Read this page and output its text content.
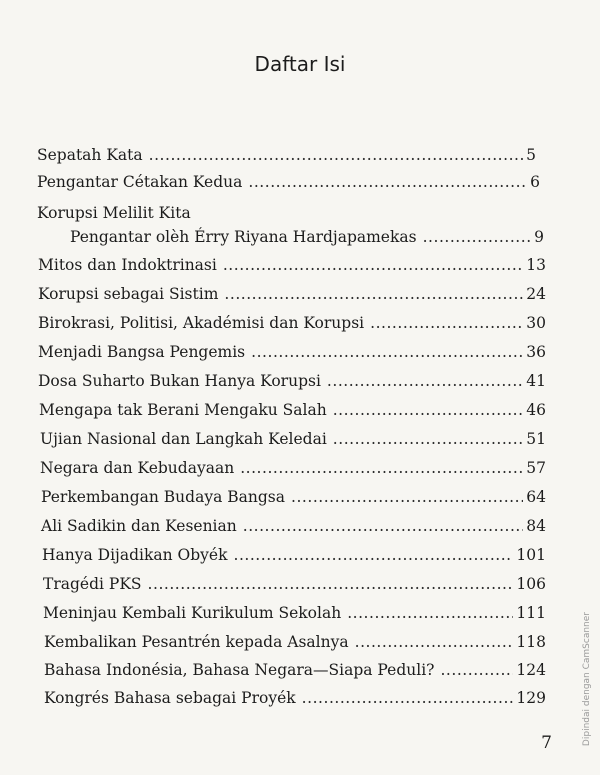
Daftar Isi
Sepatah Kata . . .	5
Pengantar Cétakan Kedua . . .	6
Korupsi Melilit Kita
Pengantar olèh Érry Riyana Hardjapamekas . . .	9
Mitos dan Indoktrinasi . . .	13
Korupsi sebagai Sistim . . .	24
Birokrasi, Politisi, Akadémisi dan Korupsi . . .	30
Menjadi Bangsa Pengemis . . .	36
Dosa Suharto Bukan Hanya Korupsi . . .	41
Mengapa tak Berani Mengaku Salah . . .	46
Ujian Nasional dan Langkah Keledai . . .	51
Negara dan Kebudayaan . . .	57
Perkembangan Budaya Bangsa . . .	64
Ali Sadikin dan Kesenian . . .	84
Hanya Dijadikan Obyék . . .	101
Tragédi PKS . . .	106
Meninjau Kembali Kurikulum Sekolah . . .	111
Kembalikan Pesantrén kepada Asalnya . . .	118
Bahasa Indonésia, Bahasa Negara—Siapa Peduli? . . .	124
Kongrés Bahasa sebagai Proyék . . .	129
7	Dipindai dengan CamScanner
